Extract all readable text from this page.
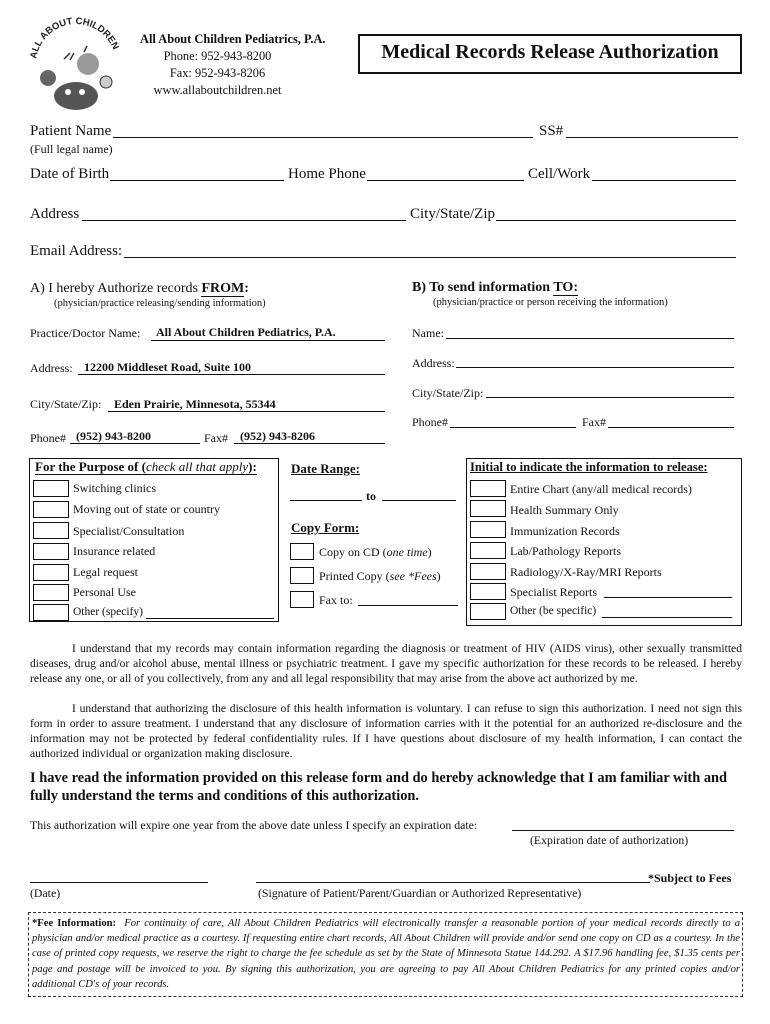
ALL ABOUT CHILDREN All About Children Pediatrics, P.A.
Phone: 952-943-8200
Fax: 952-943-8206
www.allaboutchildren.net
Medical Records Release Authorization
Patient Name	SS#
(Full legal name)
Date of Birth	Home Phone	Cell/Work
Address	City/State/Zip
Email Address:
A) I hereby Authorize records FROM:
(physician/practice releasing/sending information)
Practice/Doctor Name: All About Children Pediatrics, P.A.
Address: 12200 Middleset Road, Suite 100
City/State/Zip: Eden Prairie, Minnesota, 55344
Phone# (952) 943-8200	Fax# (952) 943-8206
B) To send information TO:
(physician/practice or person receiving the information)
Name:
Address:
City/State/Zip:
Phone#	Fax#
For the Purpose of (check all that apply):
Switching clinics
Moving out of state or country
Specialist/Consultation
Insurance related
Legal request
Personal Use
Other (specify)
Date Range:
to
Copy Form:
Copy on CD (one time)
Printed Copy (see *Fees)
Fax to:
Initial to indicate the information to release:
Entire Chart (any/all medical records)
Health Summary Only
Immunization Records
Lab/Pathology Reports
Radiology/X-Ray/MRI Reports
Specialist Reports
Other (be specific)
I understand that my records may contain information regarding the diagnosis or treatment of HIV (AIDS virus), other sexually transmitted diseases, drug and/or alcohol abuse, mental illness or psychiatric treatment. I gave my specific authorization for these records to be released. I hereby release any one, or all of you collectively, from any and all legal responsibility that may arise from the above act authorized by me.
I understand that authorizing the disclosure of this health information is voluntary. I can refuse to sign this authorization. I need not sign this form in order to assure treatment. I understand that any disclosure of information carries with it the potential for an authorized re-disclosure and the information may not be protected by federal confidentiality rules. If I have questions about disclosure of my health information, I can contact the authorized individual or organization making disclosure.
I have read the information provided on this release form and do hereby acknowledge that I am familiar with and fully understand the terms and conditions of this authorization.
This authorization will expire one year from the above date unless I specify an expiration date:
(Expiration date of authorization)
*Subject to Fees
(Date)	(Signature of Patient/Parent/Guardian or Authorized Representative)
*Fee Information: For continuity of care, All About Children Pediatrics will electronically transfer a reasonable portion of your medical records directly to a physician and/or medical practice as a courtesy. If requesting entire chart records, All About Children will provide and/or send one copy on CD as a courtesy. In the case of printed copy requests, we reserve the right to charge the fee schedule as set by the State of Minnesota Statue 144.292. A $17.96 handling fee, $1.35 cents per page and postage will be invoiced to you. By signing this authorization, you are agreeing to pay All About Children Pediatrics for any printed copies and/or additional CD's of your records.
